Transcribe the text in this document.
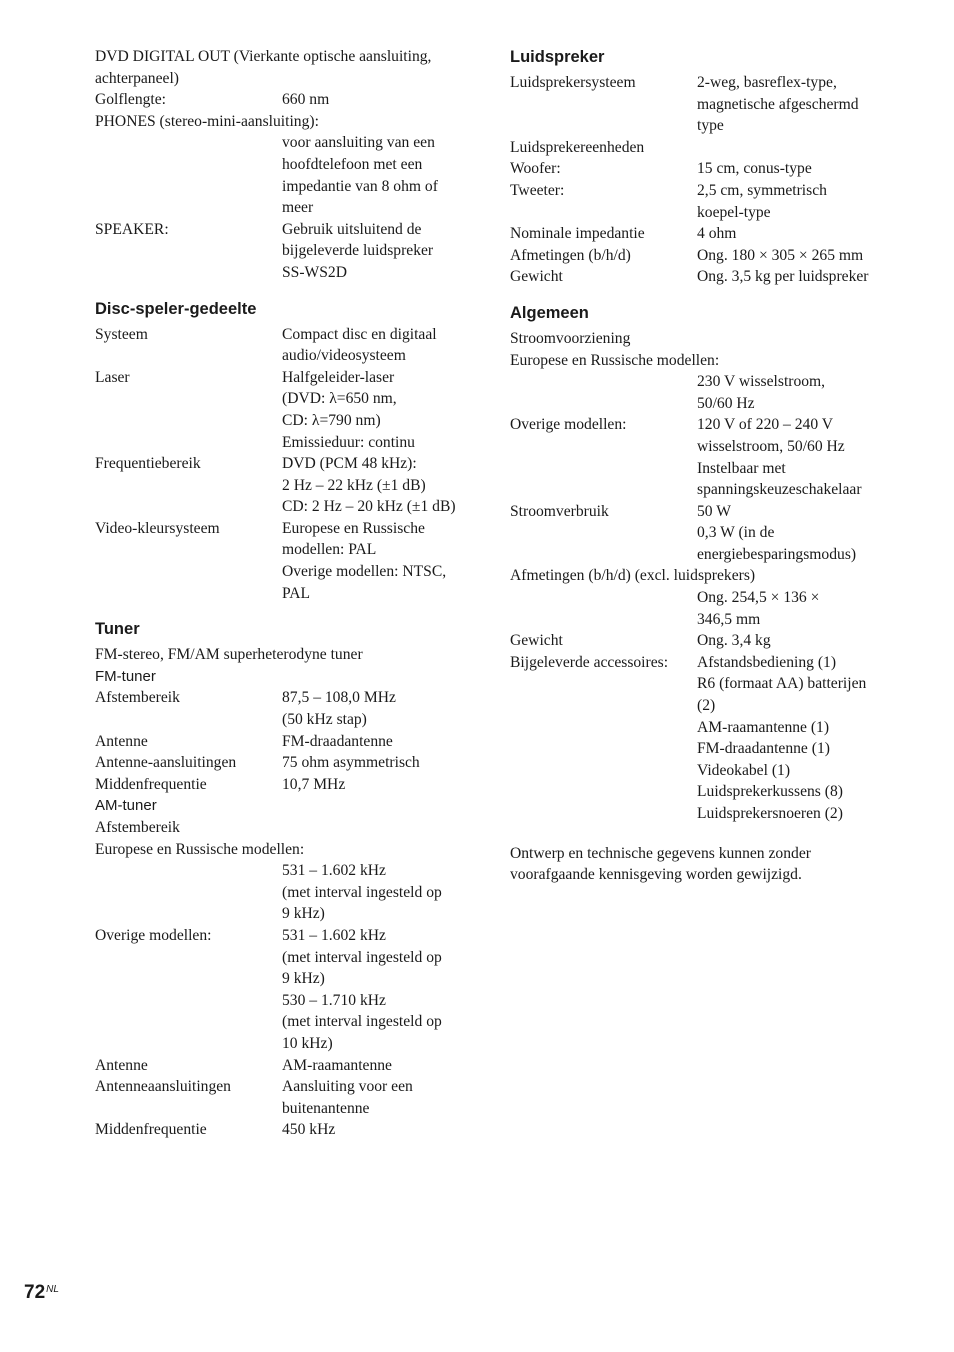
DVD DIGITAL OUT (Vierkante optische aansluiting,
achterpaneel)
Golflengte:	660 nm
PHONES (stereo-mini-aansluiting):
voor aansluiting van een
hoofdtelefoon met een
impedantie van 8 ohm of
meer
SPEAKER:	Gebruik uitsluitend de
bijgeleverde luidspreker
SS-WS2D
Disc-speler-gedeelte
Systeem	Compact disc en digitaal
audio/videosysteem
Laser	Halfgeleider-laser
(DVD: λ=650 nm,
CD: λ=790 nm)
Emissieduur: continu
Frequentiebereik	DVD (PCM 48 kHz):
2 Hz – 22 kHz (±1 dB)
CD: 2 Hz – 20 kHz (±1 dB)
Video-kleursysteem	Europese en Russische
modellen: PAL
Overige modellen: NTSC,
PAL
Tuner
FM-stereo, FM/AM superheterodyne tuner
FM-tuner
Afstembereik	87,5 – 108,0 MHz
(50 kHz stap)
Antenne	FM-draadantenne
Antenne-aansluitingen	75 ohm asymmetrisch
Middenfrequentie	10,7 MHz
AM-tuner
Afstembereik
Europese en Russische modellen:
531 – 1.602 kHz
(met interval ingesteld op
9 kHz)
Overige modellen:	531 – 1.602 kHz
(met interval ingesteld op
9 kHz)
530 – 1.710 kHz
(met interval ingesteld op
10 kHz)
Antenne	AM-raamantenne
Antenneaansluitingen	Aansluiting voor een
buitenantenne
Middenfrequentie	450 kHz
Luidspreker
Luidsprekersysteem	2-weg, basreflex-type,
magnetische afgeschermd
type
Luidsprekereenheden
Woofer:	15 cm, conus-type
Tweeter:	2,5 cm, symmetrisch
koepel-type
Nominale impedantie	4 ohm
Afmetingen (b/h/d)	Ong. 180 × 305 × 265 mm
Gewicht	Ong. 3,5 kg per luidspreker
Algemeen
Stroomvoorziening
Europese en Russische modellen:
230 V wisselstroom,
50/60 Hz
Overige modellen:	120 V of 220 – 240 V
wisselstroom, 50/60 Hz
Instelbaar met
spanningskeuzeschakelaar
Stroomverbruik	50 W
0,3 W (in de
energiebesparingsmodus)
Afmetingen (b/h/d) (excl. luidsprekers)
Ong. 254,5 × 136 ×
346,5 mm
Gewicht	Ong. 3,4 kg
Bijgeleverde accessoires: Afstandsbediening (1)
R6 (formaat AA) batterijen
(2)
AM-raamantenne (1)
FM-draadantenne (1)
Videokabel (1)
Luidsprekerkussens (8)
Luidsprekersnoeren (2)
Ontwerp en technische gegevens kunnen zonder
voorafgaande kennisgeving worden gewijzigd.
$72^{NL}$
